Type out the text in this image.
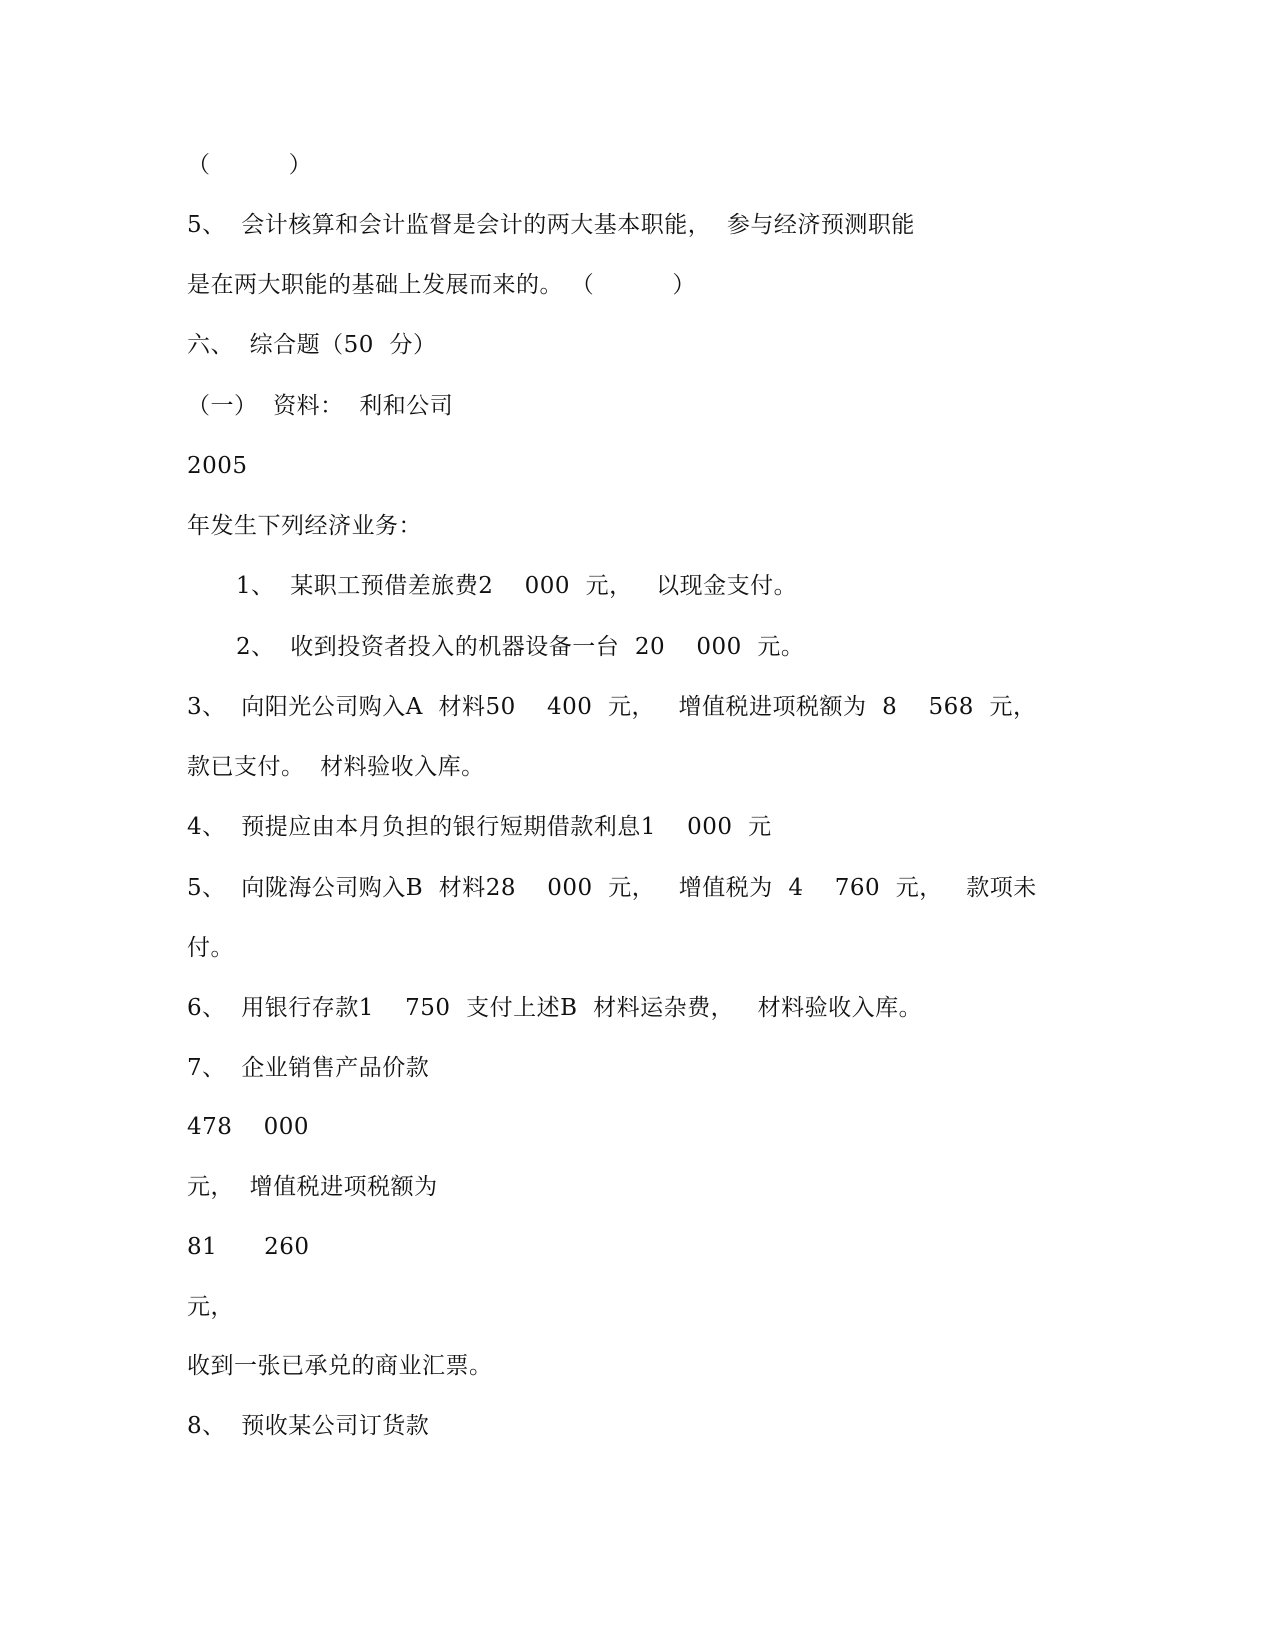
（          ）
5、  会计核算和会计监督是会计的两大基本职能，  参与经济预测职能
是在两大职能的基础上发展而来的。 （          ）
六、  综合题（50  分）
（一）  资料：  利和公司
2005
年发生下列经济业务：
1、  某职工预借差旅费2    000  元，   以现金支付。
2、  收到投资者投入的机器设备一台  20    000  元。
3、  向阳光公司购入A  材料50    400  元，   增值税进项税额为  8    568  元，
款已支付。  材料验收入库。
4、  预提应由本月负担的银行短期借款利息1    000  元
5、  向陇海公司购入B  材料28    000  元，   增值税为  4    760  元，   款项未
付。
6、  用银行存款1    750  支付上述B  材料运杂费，   材料验收入库。
7、  企业销售产品价款
478    000
元，  增值税进项税额为
81      260
元，
收到一张已承兑的商业汇票。
8、  预收某公司订货款
